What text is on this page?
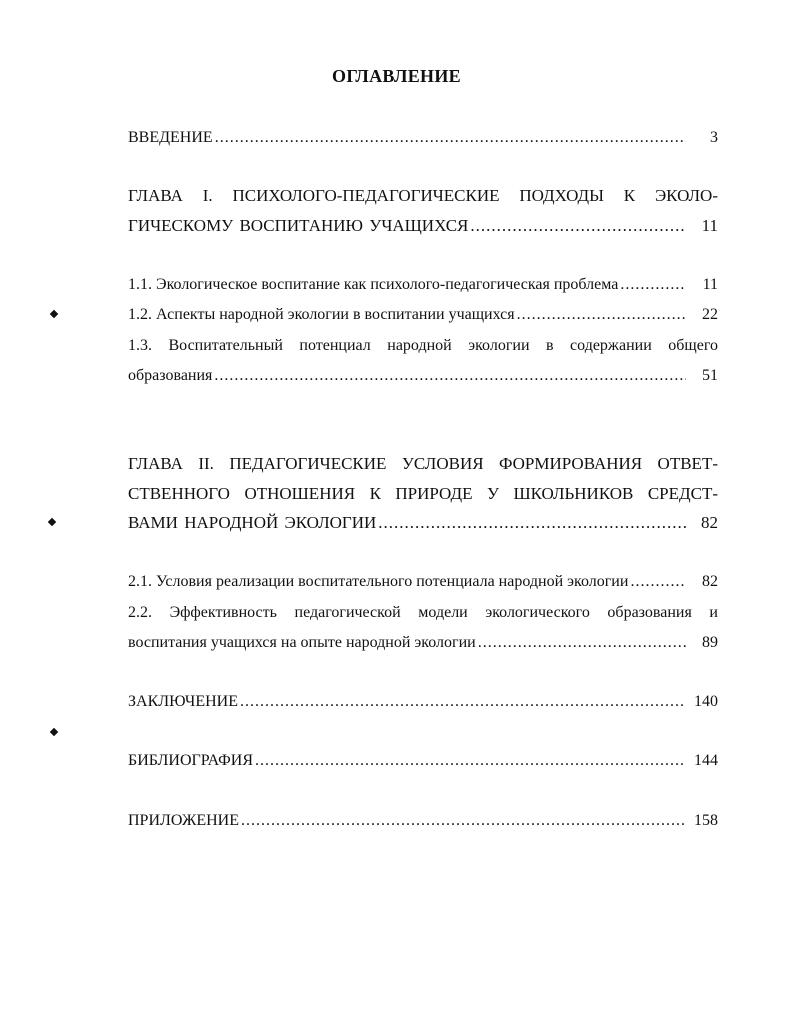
ОГЛАВЛЕНИЕ
ВВЕДЕНИЕ .....	3
ГЛАВА I. ПСИХОЛОГО-ПЕДАГОГИЧЕСКИЕ ПОДХОДЫ К ЭКОЛО-
ГИЧЕСКОМУ ВОСПИТАНИЮ УЧАЩИХСЯ .....	11
1.1. Экологическое воспитание как психолого-педагогическая проблема .....	11
1.2. Аспекты народной экологии в воспитании учащихся .....	22
1.3. Воспитательный потенциал народной экологии в содержании общего
образования .....	51
ГЛАВА II. ПЕДАГОГИЧЕСКИЕ УСЛОВИЯ ФОРМИРОВАНИЯ ОТВЕТ-
СТВЕННОГО ОТНОШЕНИЯ К ПРИРОДЕ У ШКОЛЬНИКОВ СРЕДСТ-
ВАМИ НАРОДНОЙ ЭКОЛОГИИ .....	82
2.1. Условия реализации воспитательного потенциала народной экологии .....	82
2.2. Эффективность педагогической модели экологического образования и
воспитания учащихся на опыте народной экологии .....	89
ЗАКЛЮЧЕНИЕ .....	140
БИБЛИОГРАФИЯ .....	144
ПРИЛОЖЕНИЕ .....	158
